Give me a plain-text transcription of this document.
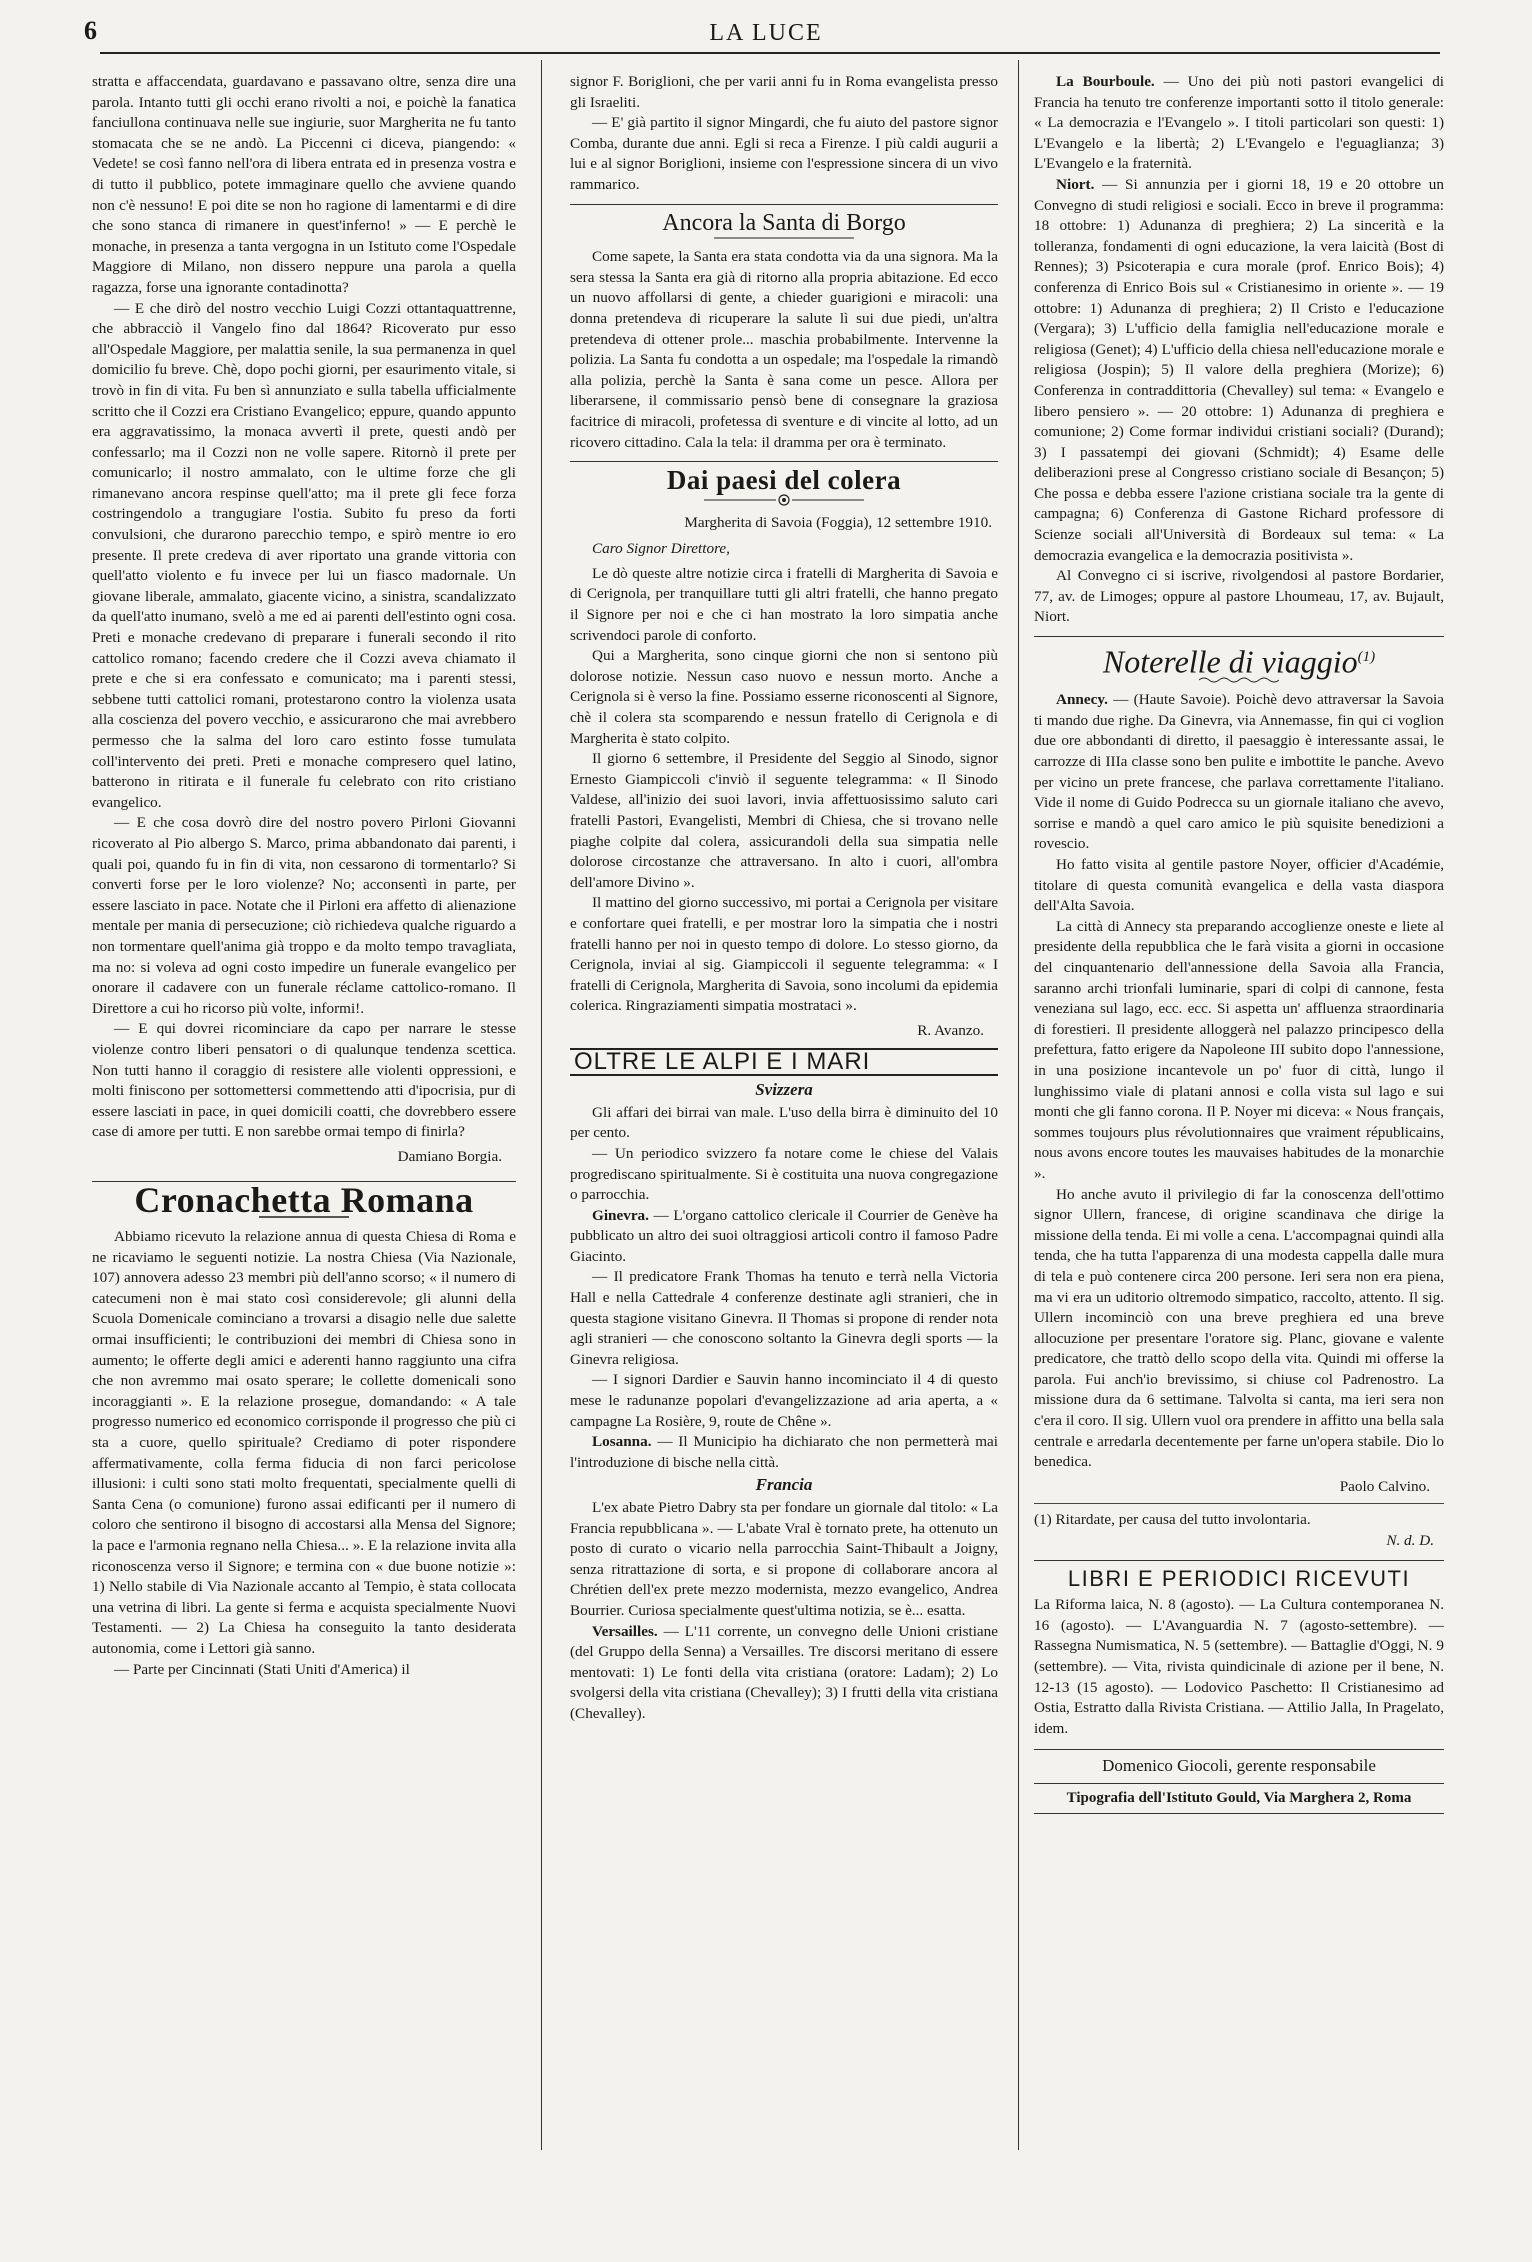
6	LA LUCE

stratta e affaccendata, guardavano e passavano oltre, senza dire una parola. Intanto tutti gli occhi erano rivolti a noi, e poichè la fanatica fanciullona continuava nelle sue ingiurie, suor Margherita ne fu tanto stomacata che se ne andò. La Piccenni ci diceva, piangendo: « Vedete! se così fanno nell'ora di libera entrata ed in presenza vostra e di tutto il pubblico, potete immaginare quello che avviene quando non c'è nessuno! E poi dite se non ho ragione di lamentarmi e di dire che sono stanca di rimanere in quest'inferno! » — E perchè le monache, in presenza a tanta vergogna in un Istituto come l'Ospedale Maggiore di Milano, non dissero neppure una parola a quella ragazza, forse una ignorante contadinotta?

— E che dirò del nostro vecchio Luigi Cozzi ottantaquattrenne, che abbracciò il Vangelo fino dal 1864? Ricoverato pur esso all'Ospedale Maggiore, per malattia senile, la sua permanenza in quel domicilio fu breve. Chè, dopo pochi giorni, per esaurimento vitale, si trovò in fin di vita. Fu ben sì annunziato e sulla tabella ufficialmente scritto che il Cozzi era Cristiano Evangelico; eppure, quando appunto era aggravatissimo, la monaca avvertì il prete, questi andò per confessarlo; ma il Cozzi non ne volle sapere. Ritornò il prete per comunicarlo; il nostro ammalato, con le ultime forze che gli rimanevano ancora respinse quell'atto; ma il prete gli fece forza costringendolo a trangugiare l'ostia. Subito fu preso da forti convulsioni, che durarono parecchio tempo, e spirò mentre io ero presente. Il prete credeva di aver riportato una grande vittoria con quell'atto violento e fu invece per lui un fiasco madornale. Un giovane liberale, ammalato, giacente vicino, a sinistra, scandalizzato da quell'atto inumano, svelò a me ed ai parenti dell'estinto ogni cosa. Preti e monache credevano di preparare i funerali secondo il rito cattolico romano; facendo credere che il Cozzi aveva chiamato il prete e che si era confessato e comunicato; ma i parenti stessi, sebbene tutti cattolici romani, protestarono contro la violenza usata alla coscienza del povero vecchio, e assicurarono che mai avrebbero permesso che la salma del loro caro estinto fosse tumulata coll'intervento dei preti. Preti e monache compresero quel latino, batterono in ritirata e il funerale fu celebrato con rito cristiano evangelico.

— E che cosa dovrò dire del nostro povero Pirloni Giovanni ricoverato al Pio albergo S. Marco, prima abbandonato dai parenti, i quali poi, quando fu in fin di vita, non cessarono di tormentarlo? Si converti forse per le loro violenze? No; acconsentì in parte, per essere lasciato in pace. Notate che il Pirloni era affetto di alienazione mentale per mania di persecuzione; ciò richiedeva qualche riguardo a non tormentare quell'anima già troppo e da molto tempo travagliata, ma no: si voleva ad ogni costo impedire un funerale evangelico per onorare il cadavere con un funerale réclame cattolico-romano. Il Direttore a cui ho ricorso più volte, informi!.

— E qui dovrei ricominciare da capo per narrare le stesse violenze contro liberi pensatori o di qualunque tendenza scettica. Non tutti hanno il coraggio di resistere alle violenti oppressioni, e molti finiscono per sottomettersi commettendo atti d'ipocrisia, pur di essere lasciati in pace, in quei domicili coatti, che dovrebbero essere case di amore per tutti. E non sarebbe ormai tempo di finirla?

Damiano Borgia.
Cronachetta Romana

Abbiamo ricevuto la relazione annua di questa Chiesa di Roma e ne ricaviamo le seguenti notizie. La nostra Chiesa (Via Nazionale, 107) annovera adesso 23 membri più dell'anno scorso; « il numero di catecumeni non è mai stato così considerevole; gli alunni della Scuola Domenicale cominciano a trovarsi a disagio nelle due salette ormai insufficienti; le contribuzioni dei membri di Chiesa sono in aumento; le offerte degli amici e aderenti hanno raggiunto una cifra che non avremmo mai osato sperare; le collette domenicali sono incoraggianti ». E la relazione prosegue, domandando: « A tale progresso numerico ed economico corrisponde il progresso che più ci sta a cuore, quello spirituale? Crediamo di poter rispondere affermativamente, colla ferma fiducia di non farci pericolose illusioni: i culti sono stati molto frequentati, specialmente quelli di Santa Cena (o comunione) furono assai edificanti per il numero di coloro che sentirono il bisogno di accostarsi alla Mensa del Signore; la pace e l'armonia regnano nella Chiesa... ». E la relazione invita alla riconoscenza verso il Signore; e termina con « due buone notizie »: 1) Nello stabile di Via Nazionale accanto al Tempio, è stata collocata una vetrina di libri. La gente si ferma e acquista specialmente Nuovi Testamenti. — 2) La Chiesa ha conseguito la tanto desiderata autonomia, come i Lettori già sanno.

— Parte per Cincinnati (Stati Uniti d'America) il

signor F. Boriglioni, che per varii anni fu in Roma evangelista presso gli Israeliti.

— E' già partito il signor Mingardi, che fu aiuto del pastore signor Comba, durante due anni. Egli si reca a Firenze. I più caldi augurii a lui e al signor Boriglioni, insieme con l'espressione sincera di un vivo rammarico.

Ancora la Santa di Borgo

Come sapete, la Santa era stata condotta via da una signora. Ma la sera stessa la Santa era già di ritorno alla propria abitazione. Ed ecco un nuovo affollarsi di gente, a chieder guarigioni e miracoli: una donna pretendeva di ricuperare la salute lì sui due piedi, un'altra pretendeva di ottener prole... maschia probabilmente. Intervenne la polizia. La Santa fu condotta a un ospedale; ma l'ospedale la rimandò alla polizia, perchè la Santa è sana come un pesce. Allora per liberarsene, il commissario pensò bene di consegnare la graziosa facitrice di miracoli, profetessa di sventure e di vincite al lotto, ad un ricovero cittadino. Cala la tela: il dramma per ora è terminato.

Dai paesi del colera
Margherita di Savoia (Foggia), 12 settembre 1910.
Caro Signor Direttore,

Le dò queste altre notizie circa i fratelli di Margherita di Savoia e di Cerignola, per tranquillare tutti gli altri fratelli, che hanno pregato il Signore per noi e che ci han mostrato la loro simpatia anche scrivendoci parole di conforto.

Qui a Margherita, sono cinque giorni che non si sentono più dolorose notizie. Nessun caso nuovo e nessun morto. Anche a Cerignola si è verso la fine. Possiamo esserne riconoscenti al Signore, chè il colera sta scomparendo e nessun fratello di Cerignola e di Margherita è stato colpito.

Il giorno 6 settembre, il Presidente del Seggio al Sinodo, signor Ernesto Giampiccoli c'inviò il seguente telegramma: « Il Sinodo Valdese, all'inizio dei suoi lavori, invia affettuosissimo saluto cari fratelli Pastori, Evangelisti, Membri di Chiesa, che si trovano nelle piaghe colpite dal colera, assicurandoli della sua simpatia nelle dolorose circostanze che attraversano. In alto i cuori, all'ombra dell'amore Divino ».

Il mattino del giorno successivo, mi portai a Cerignola per visitare e confortare quei fratelli, e per mostrar loro la simpatia che i nostri fratelli hanno per noi in questo tempo di dolore. Lo stesso giorno, da Cerignola, inviai al sig. Giampiccoli il seguente telegramma: « I fratelli di Cerignola, Margherita di Savoia, sono incolumi da epidemia colerica. Ringraziamenti simpatia mostrataci ».

R. Avanzo.
OLTRE LE ALPI E I MARI
Svizzera

Gli affari dei birrai van male. L'uso della birra è diminuito del 10 per cento.

— Un periodico svizzero fa notare come le chiese del Valais progrediscano spiritualmente. Si è costituita una nuova congregazione o parrocchia.

Ginevra. — L'organo cattolico clericale il Courrier de Genève ha pubblicato un altro dei suoi oltraggiosi articoli contro il famoso Padre Giacinto.

— Il predicatore Frank Thomas ha tenuto e terrà nella Victoria Hall e nella Cattedrale 4 conferenze destinate agli stranieri, che in questa stagione visitano Ginevra. Il Thomas si propone di render nota agli stranieri — che conoscono soltanto la Ginevra degli sports — la Ginevra religiosa.

— I signori Dardier e Sauvin hanno incominciato il 4 di questo mese le radunanze popolari d'evangelizzazione ad aria aperta, a « campagne La Rosière, 9, route de Chêne ».

Losanna. — Il Municipio ha dichiarato che non permetterà mai l'introduzione di bische nella città.

Francia

L'ex abate Pietro Dabry sta per fondare un giornale dal titolo: « La Francia repubblicana ». — L'abate Vral è tornato prete, ha ottenuto un posto di curato o vicario nella parrocchia Saint-Thibault a Joigny, senza ritrattazione di sorta, e si propone di collaborare ancora al Chrétien dell'ex prete mezzo modernista, mezzo evangelico, Andrea Bourrier. Curiosa specialmente quest'ultima notizia, se è... esatta.

Versailles. — L'11 corrente, un convegno delle Unioni cristiane (del Gruppo della Senna) a Versailles. Tre discorsi meritano di essere mentovati: 1) Le fonti della vita cristiana (oratore: Ladam); 2) Lo svolgersi della vita cristiana (Chevalley); 3) I frutti della vita cristiana (Chevalley).

La Bourboule. — Uno dei più noti pastori evangelici di Francia ha tenuto tre conferenze importanti sotto il titolo generale: « La democrazia e l'Evangelo ». I titoli particolari son questi: 1) L'Evangelo e la libertà; 2) L'Evangelo e l'eguaglianza; 3) L'Evangelo e la fraternità.

Niort. — Si annunzia per i giorni 18, 19 e 20 ottobre un Convegno di studi religiosi e sociali. Ecco in breve il programma: 18 ottobre: 1) Adunanza di preghiera; 2) La sincerità e la tolleranza, fondamenti di ogni educazione, la vera laicità (Bost di Rennes); 3) Psicoterapia e cura morale (prof. Enrico Bois); 4) conferenza di Enrico Bois sul « Cristianesimo in oriente ». — 19 ottobre: 1) Adunanza di preghiera; 2) Il Cristo e l'educazione (Vergara); 3) L'ufficio della famiglia nell'educazione morale e religiosa (Genet); 4) L'ufficio della chiesa nell'educazione morale e religiosa (Jospin); 5) Il valore della preghiera (Morize); 6) Conferenza in contraddittoria (Chevalley) sul tema: « Evangelo e libero pensiero ». — 20 ottobre: 1) Adunanza di preghiera e comunione; 2) Come formar individui cristiani sociali? (Durand); 3) I passatempi dei giovani (Schmidt); 4) Esame delle deliberazioni prese al Congresso cristiano sociale di Besançon; 5) Che possa e debba essere l'azione cristiana sociale tra la gente di campagna; 6) Conferenza di Gastone Richard professore di Scienze sociali all'Università di Bordeaux sul tema: « La democrazia evangelica e la democrazia positivista ».

Al Convegno ci si iscrive, rivolgendosi al pastore Bordarier, 77, av. de Limoges; oppure al pastore Lhoumeau, 17, av. Bujault, Niort.

Noterelle di viaggio$^{(1)}$

Annecy. — (Haute Savoie). Poichè devo attraversar la Savoia ti mando due righe. Da Ginevra, via Annemasse, fin qui ci voglion due ore abbondanti di diretto, il paesaggio è interessante assai, le carrozze di IIIa classe sono ben pulite e imbottite le panche. Avevo per vicino un prete francese, che parlava correttamente l'italiano. Vide il nome di Guido Podrecca su un giornale italiano che avevo, sorrise e mandò a quel caro amico le più squisite benedizioni a rovescio.

Ho fatto visita al gentile pastore Noyer, officier d'Académie, titolare di questa comunità evangelica e della vasta diaspora dell'Alta Savoia.

La città di Annecy sta preparando accoglienze oneste e liete al presidente della repubblica che le farà visita a giorni in occasione del cinquantenario dell'annessione della Savoia alla Francia, saranno archi trionfali luminarie, spari di colpi di cannone, festa veneziana sul lago, ecc. ecc. Si aspetta un' affluenza straordinaria di forestieri. Il presidente alloggerà nel palazzo principesco della prefettura, fatto erigere da Napoleone III subito dopo l'annessione, in una posizione incantevole un po' fuor di città, lungo il lunghissimo viale di platani annosi e colla vista sul lago e sui monti che gli fanno corona. Il P. Noyer mi diceva: « Nous français, sommes toujours plus révolutionnaires que vraiment républicains, nous avons encore toutes les mauvaises habitudes de la monarchie ».

Ho anche avuto il privilegio di far la conoscenza dell'ottimo signor Ullern, francese, di origine scandinava che dirige la missione della tenda. Ei mi volle a cena. L'accompagnai quindi alla tenda, che ha tutta l'apparenza di una modesta cappella dalle mura di tela e può contenere circa 200 persone. Ieri sera non era piena, ma vi era un uditorio oltremodo simpatico, raccolto, attento. Il sig. Ullern incominciò con una breve preghiera ed una breve allocuzione per presentare l'oratore sig. Planc, giovane e valente predicatore, che trattò dello scopo della vita. Quindi mi offerse la parola. Fui anch'io brevissimo, si chiuse col Padrenostro. La missione dura da 6 settimane. Talvolta si canta, ma ieri sera non c'era il coro. Il sig. Ullern vuol ora prendere in affitto una bella sala centrale e arredarla decentemente per farne un'opera stabile. Dio lo benedica.

Paolo Calvino.

(1) Ritardate, per causa del tutto involontaria.

N. d. D.
LIBRI E PERIODICI RICEVUTI

La Riforma laica, N. 8 (agosto). — La Cultura contemporanea N. 16 (agosto). — L'Avanguardia N. 7 (agosto-settembre). — Rassegna Numismatica, N. 5 (settembre). — Battaglie d'Oggi, N. 9 (settembre). — Vita, rivista quindicinale di azione per il bene, N. 12-13 (15 agosto). — Lodovico Paschetto: Il Cristianesimo ad Ostia, Estratto dalla Rivista Cristiana. — Attilio Jalla, In Pragelato, idem.

Domenico Giocoli, gerente responsabile
Tipografia dell'Istituto Gould, Via Marghera 2, Roma
